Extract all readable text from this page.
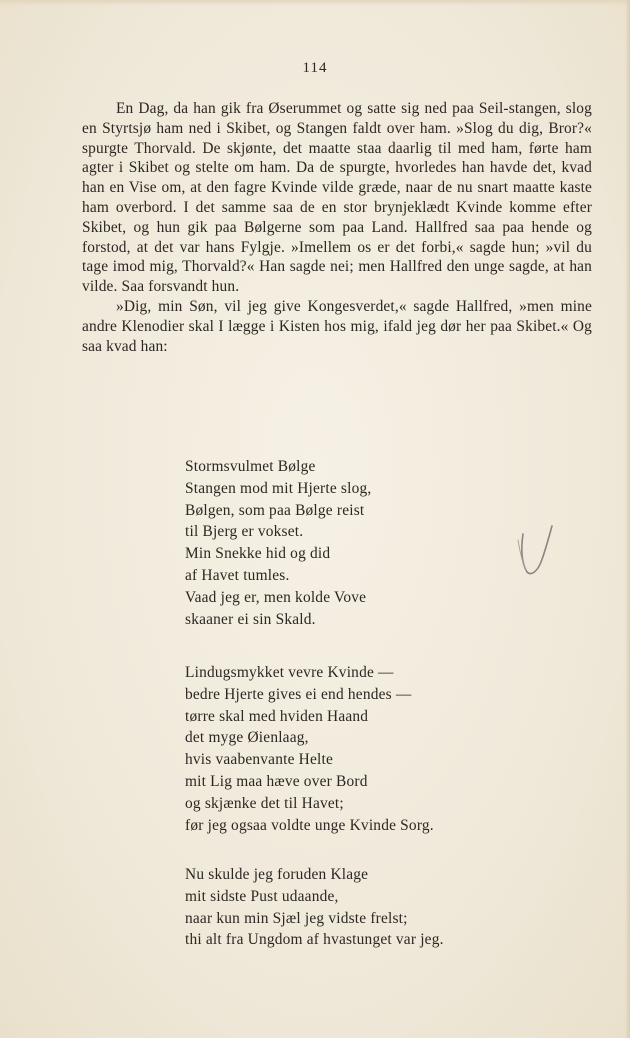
114

En Dag, da han gik fra Øserummet og satte sig ned paa Seil-stangen, slog en Styrtsjø ham ned i Skibet, og Stangen faldt over ham. »Slog du dig, Bror?« spurgte Thorvald. De skjønte, det maatte staa daarlig til med ham, førte ham agter i Skibet og stelte om ham. Da de spurgte, hvorledes han havde det, kvad han en Vise om, at den fagre Kvinde vilde græde, naar de nu snart maatte kaste ham overbord. I det samme saa de en stor brynjeklædt Kvinde komme efter Skibet, og hun gik paa Bølgerne som paa Land. Hallfred saa paa hende og forstod, at det var hans Fylgje. »Imellem os er det forbi,« sagde hun; »vil du tage imod mig, Thorvald?« Han sagde nei; men Hallfred den unge sagde, at han vilde. Saa forsvandt hun.

»Dig, min Søn, vil jeg give Kongesverdet,« sagde Hallfred, »men mine andre Klenodier skal I lægge i Kisten hos mig, ifald jeg dør her paa Skibet.« Og saa kvad han:

Stormsvulmet Bølge
Stangen mod mit Hjerte slog,
Bølgen, som paa Bølge reist
til Bjerg er vokset.
Min Snekke hid og did
af Havet tumles.
Vaad jeg er, men kolde Vove
skaaner ei sin Skald.
Lindugsmykket vevre Kvinde —
bedre Hjerte gives ei end hendes —
tørre skal med hviden Haand
det myge Øienlaag,
hvis vaabenvante Helte
mit Lig maa hæve over Bord
og skjænke det til Havet;
før jeg ogsaa voldte unge Kvinde Sorg.
Nu skulde jeg foruden Klage
mit sidste Pust udaande,
naar kun min Sjæl jeg vidste frelst;
thi alt fra Ungdom af hvastunget var jeg.
